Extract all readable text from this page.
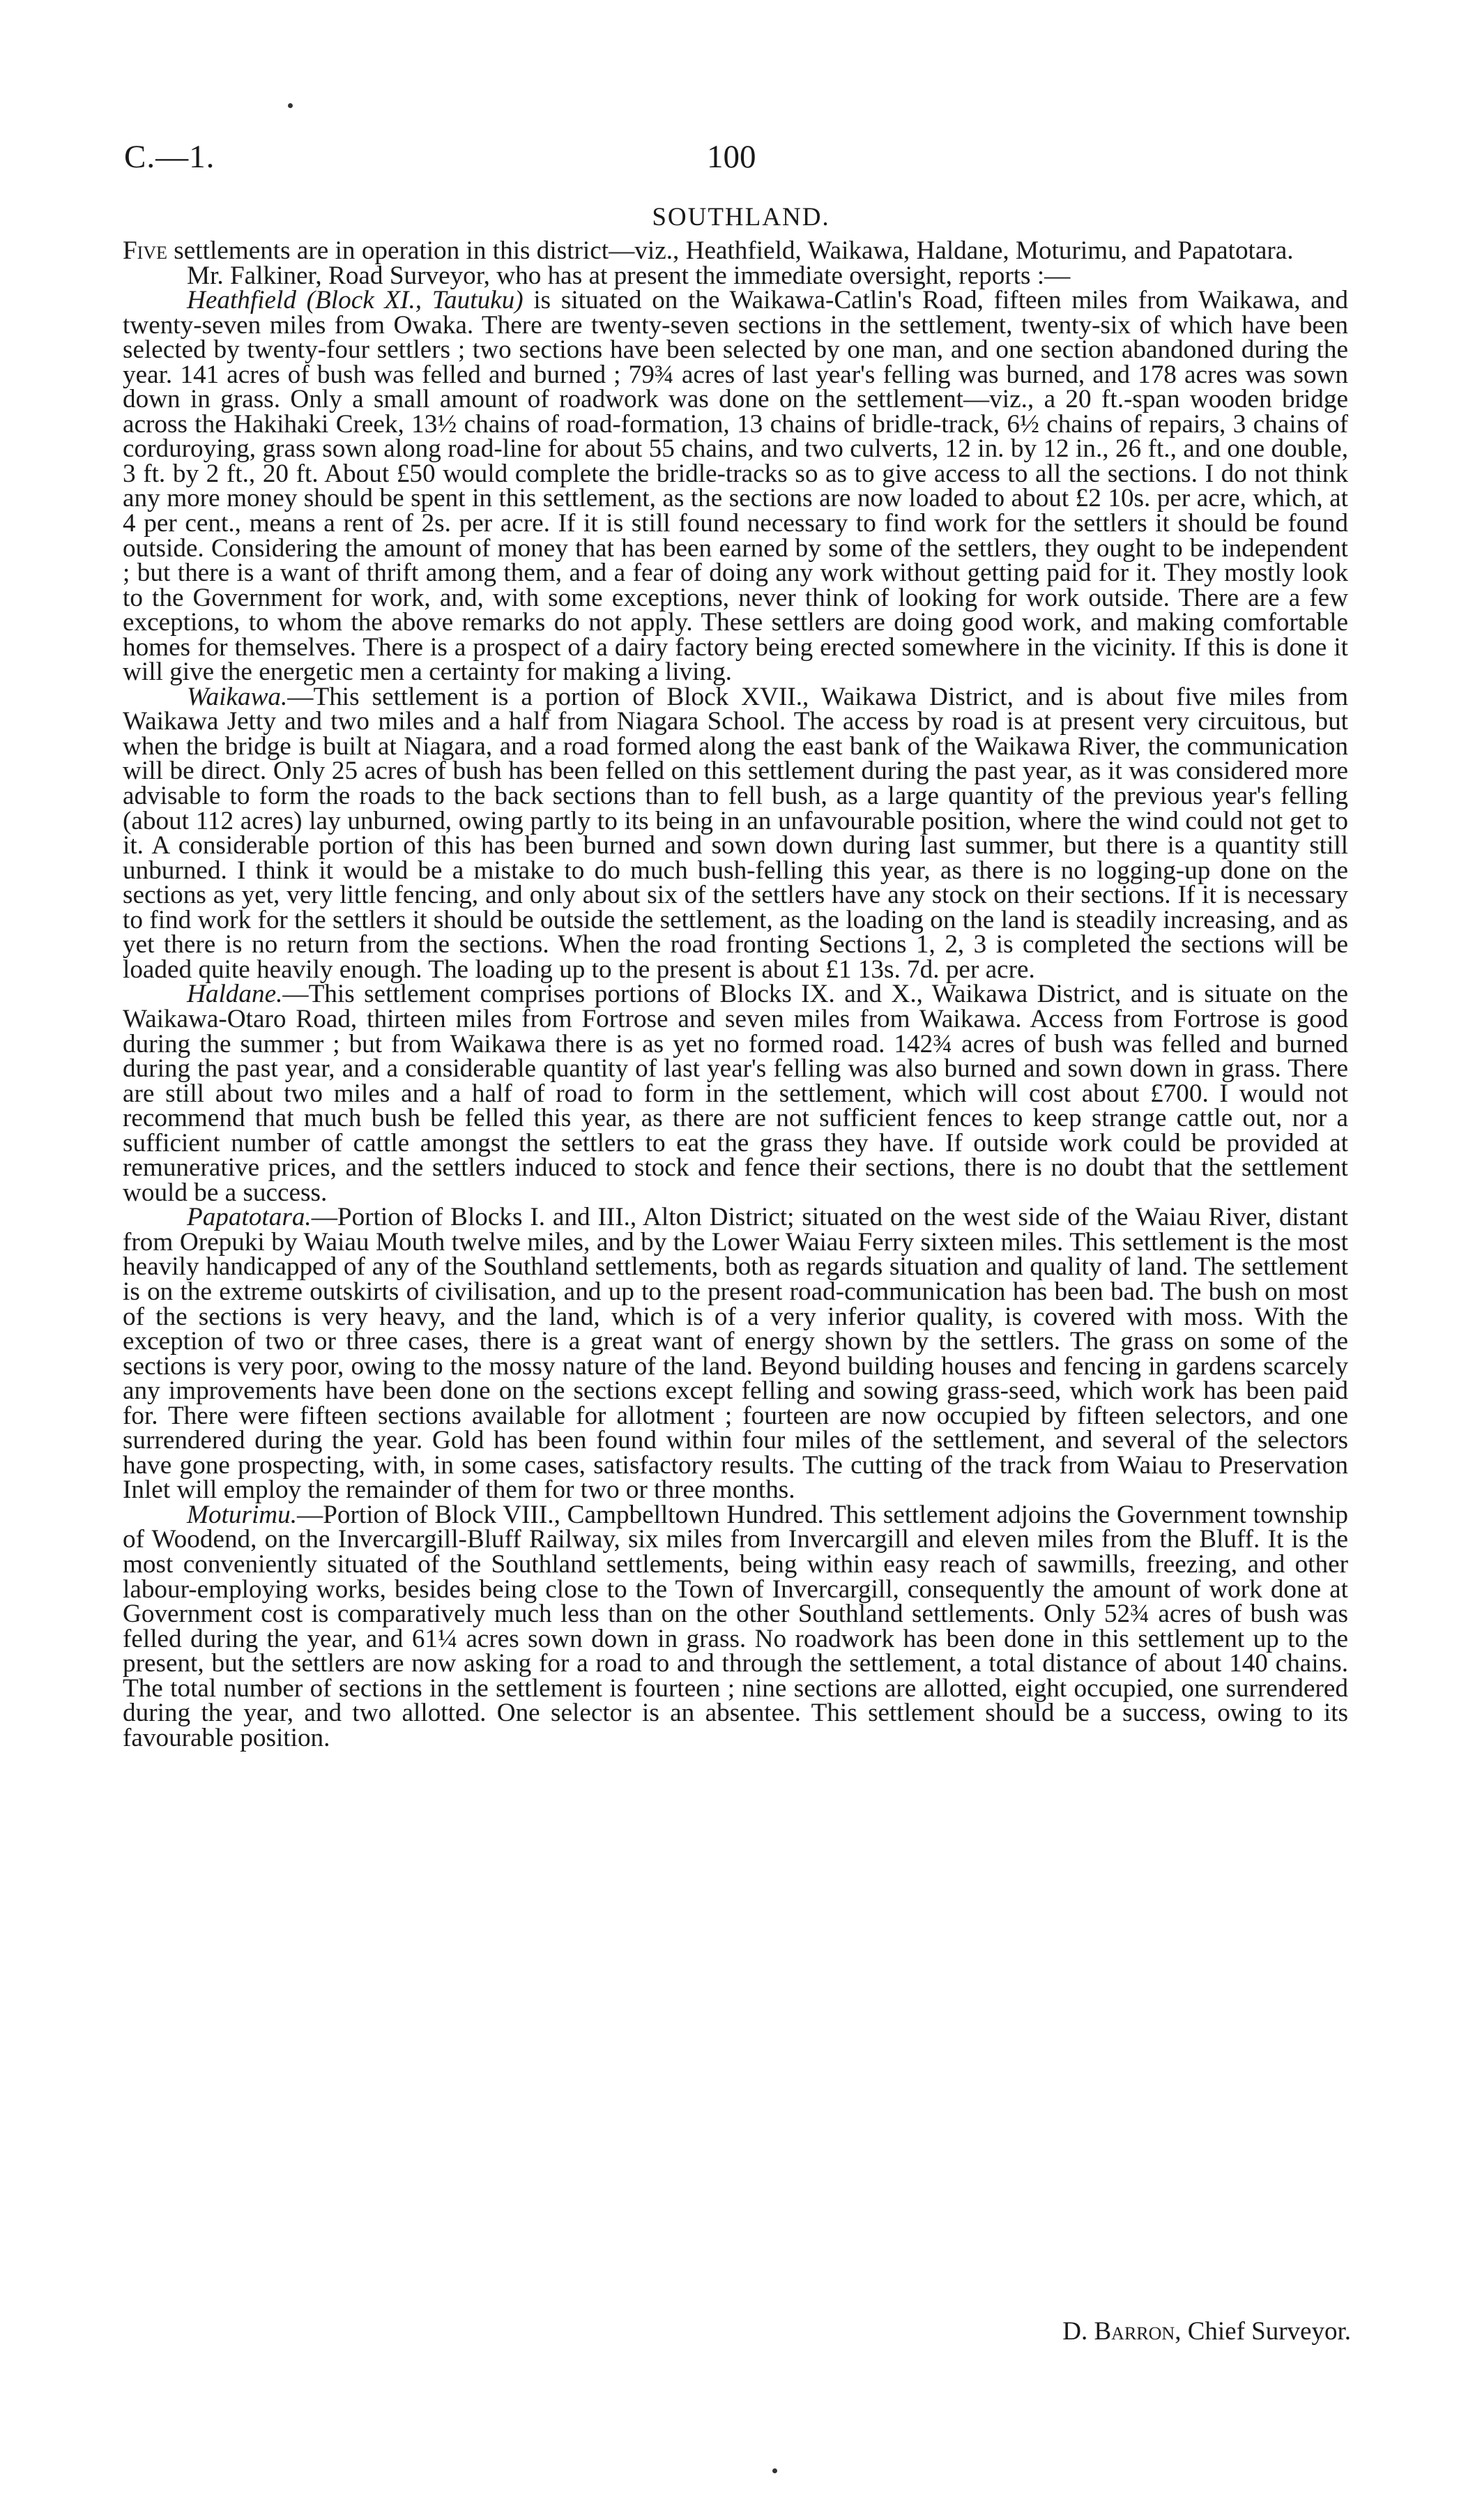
C.—1.	100
SOUTHLAND.

Five settlements are in operation in this district—viz., Heathfield, Waikawa, Haldane, Moturimu, and Papatotara.

Mr. Falkiner, Road Surveyor, who has at present the immediate oversight, reports :—

Heathfield (Block XI., Tautuku) is situated on the Waikawa-Catlin's Road, fifteen miles from Waikawa, and twenty-seven miles from Owaka. There are twenty-seven sections in the settlement, twenty-six of which have been selected by twenty-four settlers ; two sections have been selected by one man, and one section abandoned during the year. 141 acres of bush was felled and burned ; 79¾ acres of last year's felling was burned, and 178 acres was sown down in grass. Only a small amount of roadwork was done on the settlement—viz., a 20 ft.-span wooden bridge across the Hakihaki Creek, 13½ chains of road-formation, 13 chains of bridle-track, 6½ chains of repairs, 3 chains of corduroying, grass sown along road-line for about 55 chains, and two culverts, 12 in. by 12 in., 26 ft., and one double, 3 ft. by 2 ft., 20 ft. About £50 would complete the bridle-tracks so as to give access to all the sections. I do not think any more money should be spent in this settlement, as the sections are now loaded to about £2 10s. per acre, which, at 4 per cent., means a rent of 2s. per acre. If it is still found necessary to find work for the settlers it should be found outside. Considering the amount of money that has been earned by some of the settlers, they ought to be independent ; but there is a want of thrift among them, and a fear of doing any work without getting paid for it. They mostly look to the Government for work, and, with some exceptions, never think of looking for work outside. There are a few exceptions, to whom the above remarks do not apply. These settlers are doing good work, and making comfortable homes for themselves. There is a prospect of a dairy factory being erected somewhere in the vicinity. If this is done it will give the energetic men a certainty for making a living.

Waikawa.—This settlement is a portion of Block XVII., Waikawa District, and is about five miles from Waikawa Jetty and two miles and a half from Niagara School. The access by road is at present very circuitous, but when the bridge is built at Niagara, and a road formed along the east bank of the Waikawa River, the communication will be direct. Only 25 acres of bush has been felled on this settlement during the past year, as it was considered more advisable to form the roads to the back sections than to fell bush, as a large quantity of the previous year's felling (about 112 acres) lay unburned, owing partly to its being in an unfavourable position, where the wind could not get to it. A considerable portion of this has been burned and sown down during last summer, but there is a quantity still unburned. I think it would be a mistake to do much bush-felling this year, as there is no logging-up done on the sections as yet, very little fencing, and only about six of the settlers have any stock on their sections. If it is necessary to find work for the settlers it should be outside the settlement, as the loading on the land is steadily increasing, and as yet there is no return from the sections. When the road fronting Sections 1, 2, 3 is completed the sections will be loaded quite heavily enough. The loading up to the present is about £1 13s. 7d. per acre.

Haldane.—This settlement comprises portions of Blocks IX. and X., Waikawa District, and is situate on the Waikawa-Otaro Road, thirteen miles from Fortrose and seven miles from Waikawa. Access from Fortrose is good during the summer ; but from Waikawa there is as yet no formed road. 142¾ acres of bush was felled and burned during the past year, and a considerable quantity of last year's felling was also burned and sown down in grass. There are still about two miles and a half of road to form in the settlement, which will cost about £700. I would not recommend that much bush be felled this year, as there are not sufficient fences to keep strange cattle out, nor a sufficient number of cattle amongst the settlers to eat the grass they have. If outside work could be provided at remunerative prices, and the settlers induced to stock and fence their sections, there is no doubt that the settlement would be a success.

Papatotara.—Portion of Blocks I. and III., Alton District; situated on the west side of the Waiau River, distant from Orepuki by Waiau Mouth twelve miles, and by the Lower Waiau Ferry sixteen miles. This settlement is the most heavily handicapped of any of the Southland settlements, both as regards situation and quality of land. The settlement is on the extreme outskirts of civilisation, and up to the present road-communication has been bad. The bush on most of the sections is very heavy, and the land, which is of a very inferior quality, is covered with moss. With the exception of two or three cases, there is a great want of energy shown by the settlers. The grass on some of the sections is very poor, owing to the mossy nature of the land. Beyond building houses and fencing in gardens scarcely any improvements have been done on the sections except felling and sowing grass-seed, which work has been paid for. There were fifteen sections available for allotment ; fourteen are now occupied by fifteen selectors, and one surrendered during the year. Gold has been found within four miles of the settlement, and several of the selectors have gone prospecting, with, in some cases, satisfactory results. The cutting of the track from Waiau to Preservation Inlet will employ the remainder of them for two or three months.

Moturimu.—Portion of Block VIII., Campbelltown Hundred. This settlement adjoins the Government township of Woodend, on the Invercargill-Bluff Railway, six miles from Invercargill and eleven miles from the Bluff. It is the most conveniently situated of the Southland settlements, being within easy reach of sawmills, freezing, and other labour-employing works, besides being close to the Town of Invercargill, consequently the amount of work done at Government cost is comparatively much less than on the other Southland settlements. Only 52¾ acres of bush was felled during the year, and 61¼ acres sown down in grass. No roadwork has been done in this settlement up to the present, but the settlers are now asking for a road to and through the settlement, a total distance of about 140 chains. The total number of sections in the settlement is fourteen ; nine sections are allotted, eight occupied, one surrendered during the year, and two allotted. One selector is an absentee. This settlement should be a success, owing to its favourable position.

D. Barron, Chief Surveyor.
